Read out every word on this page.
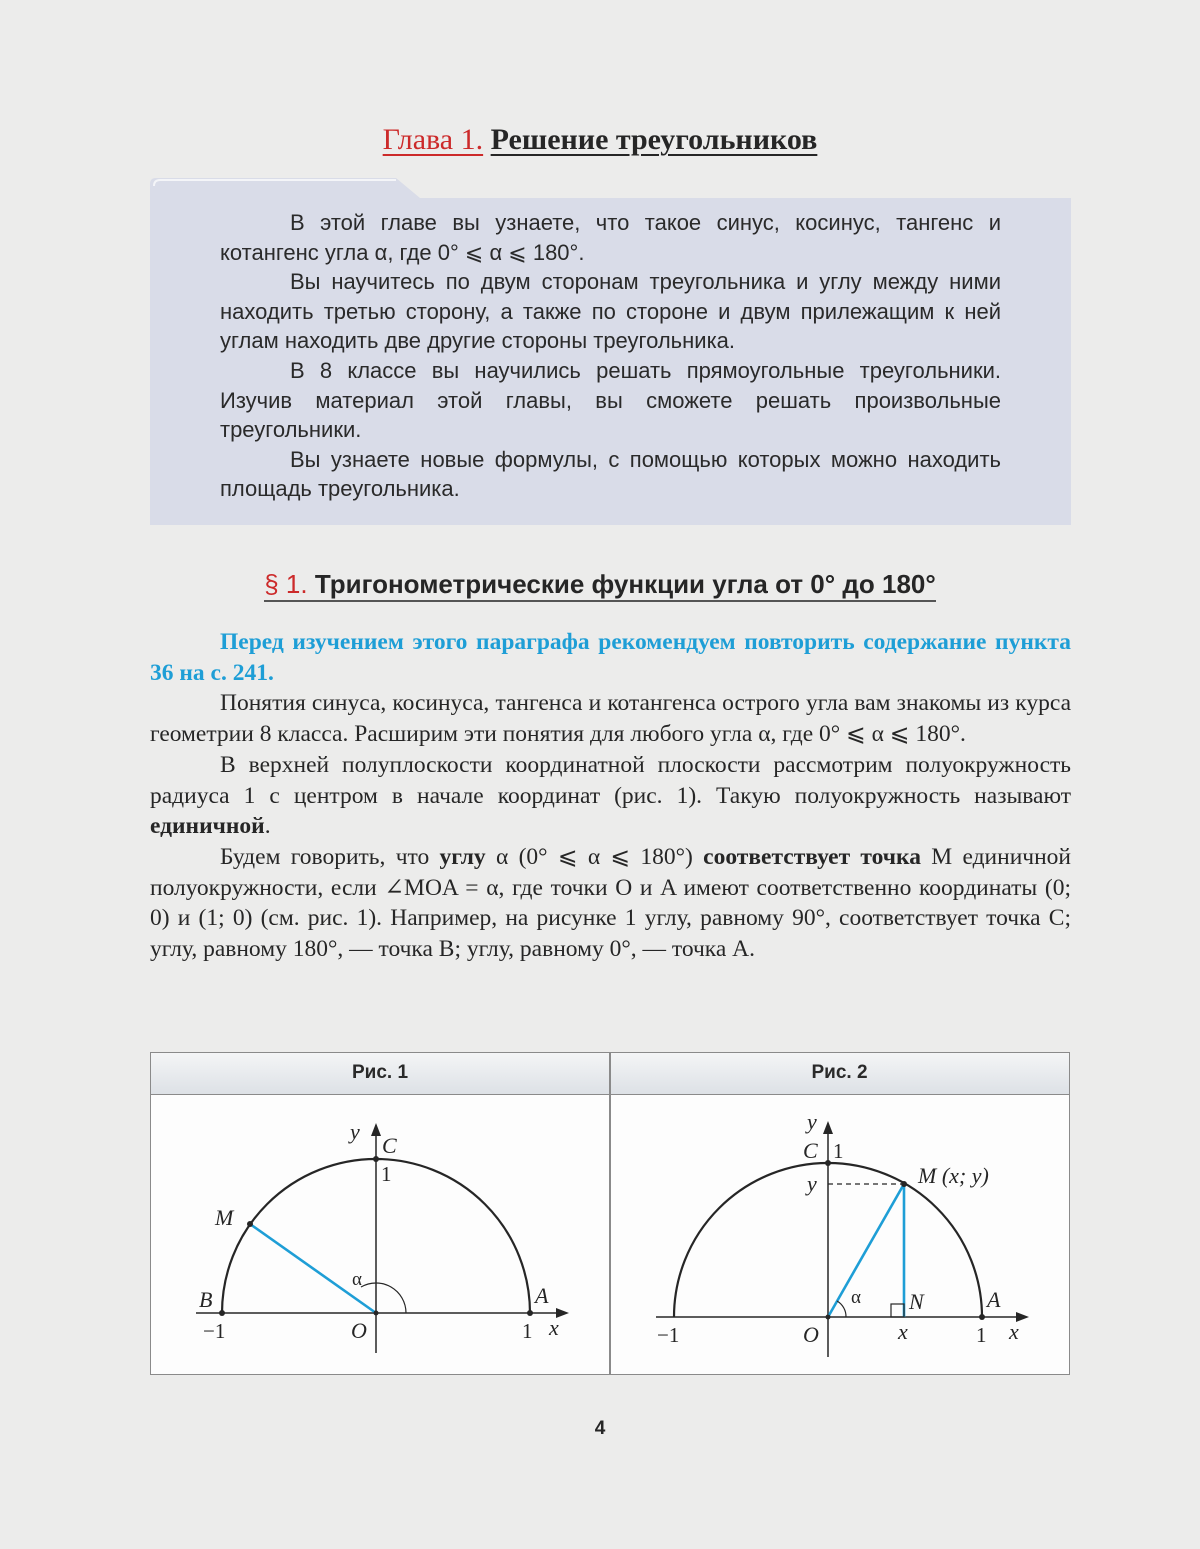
Глава 1. Решение треугольников

В этой главе вы узнаете, что такое синус, косинус, тангенс и котангенс угла α, где 0° ⩽ α ⩽ 180°.

Вы научитесь по двум сторонам треугольника и углу между ними находить третью сторону, а также по стороне и двум прилежащим к ней углам находить две другие стороны треугольника.

В 8 классе вы научились решать прямоугольные треугольники. Изучив материал этой главы, вы сможете решать произвольные треугольники.

Вы узнаете новые формулы, с помощью которых можно находить площадь треугольника.

§ 1. Тригонометрические функции угла от 0° до 180°

Перед изучением этого параграфа рекомендуем повторить содержание пункта 36 на с. 241.

Понятия синуса, косинуса, тангенса и котангенса острого угла вам знакомы из курса геометрии 8 класса. Расширим эти понятия для любого угла α, где 0° ⩽ α ⩽ 180°.

В верхней полуплоскости координатной плоскости рассмотрим полуокружность радиуса 1 с центром в начале координат (рис. 1). Такую полуокружность называют единичной.

Будем говорить, что углу α (0° ⩽ α ⩽ 180°) соответствует точка M единичной полуокружности, если ∠MOA = α, где точки O и A имеют соответственно координаты (0; 0) и (1; 0) (см. рис. 1). Например, на рисунке 1 углу, равному 90°, соответствует точка C; углу, равному 180°, — точка B; углу, равному 0°, — точка A.

Рис. 1	Рис. 2
y
C
1
M
α
B	A
−1	O	1 x
y
C 1
y	M (x; y)
α N	A
−1	O	x	1 x
4
